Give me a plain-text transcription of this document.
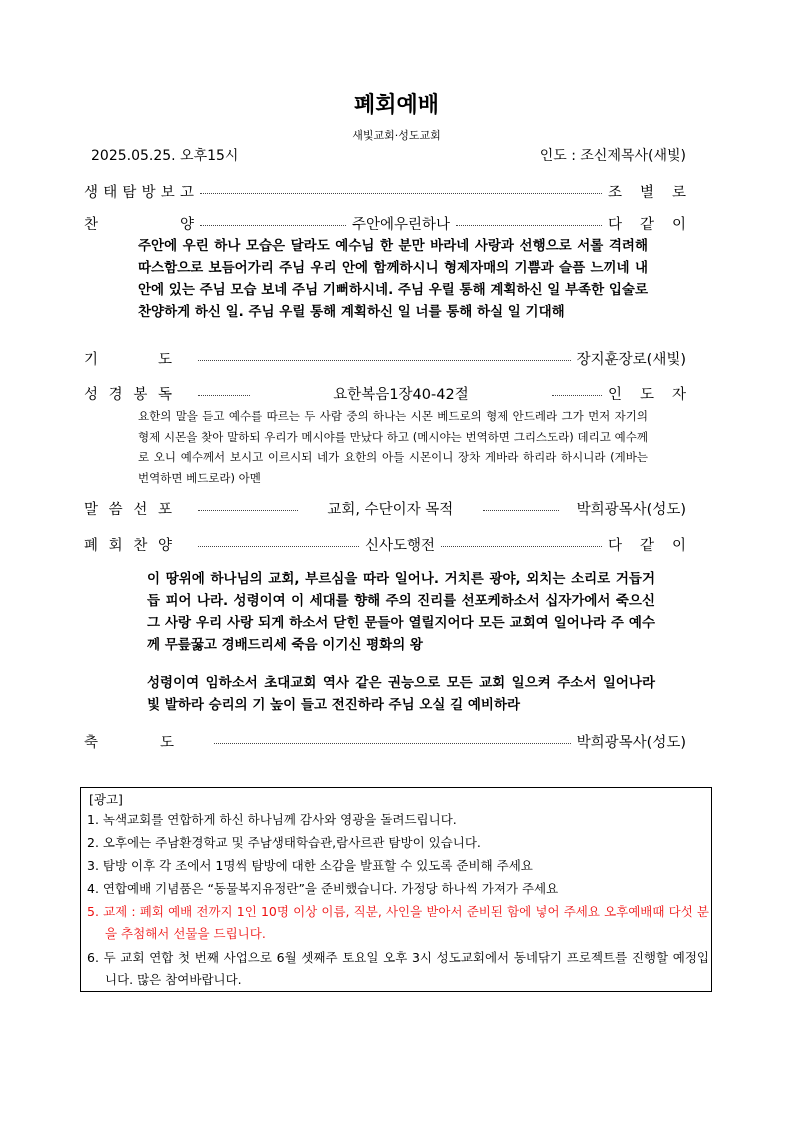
폐회예배
새빛교회·성도교회
2025.05.25. 오후15시	인도 : 조신제목사(새빛)
생 태 탐 방 보 고	조 별 로
찬	양	주안에우린하나	다 같 이
주안에 우린 하나 모습은 달라도 예수님 한 분만 바라네 사랑과 선행으로 서롤 격려해 따스함으로 보듬어가리 주님 우리 안에 함께하시니 형제자매의 기쁨과 슬픔 느끼네 내안에 있는 주님 모습 보네 주님 기뻐하시네. 주님 우릴 통해 계획하신 일 부족한 입술로 찬양하게 하신 일. 주님 우릴 통해 계획하신 일 너를 통해 하실 일 기대해
기	도	장지훈장로(새빛)
성 경 봉 독	요한복음1장40-42절	인 도 자
요한의 말을 듣고 예수를 따르는 두 사람 중의 하나는 시몬 베드로의 형제 안드레라 그가 먼저 자기의 형제 시몬을 찾아 말하되 우리가 메시야를 만났다 하고 (메시야는 번역하면 그리스도라) 데리고 예수께로 오니 예수께서 보시고 이르시되 네가 요한의 아들 시몬이니 장차 게바라 하리라 하시니라 (게바는 번역하면 베드로라) 아멘
말 씀 선 포	교회, 수단이자 목적	박희광목사(성도)
폐 회 찬 양	신사도행전	다 같 이
이 땅위에 하나님의 교회, 부르심을 따라 일어나. 거치른 광야, 외치는 소리로 거듭거듭 피어 나라. 성령이여 이 세대를 향해 주의 진리를 선포케하소서 십자가에서 죽으신 그 사랑 우리 사랑 되게 하소서 닫힌 문들아 열릴지어다 모든 교회여 일어나라 주 예수께 무릎꿇고 경배드리세 죽음 이기신 평화의 왕
성령이여 임하소서 초대교회 역사 같은 권능으로 모든 교회 일으켜 주소서 일어나라 빛 발하라 승리의 기 높이 들고 전진하라 주님 오실 길 예비하라
축	도	박희광목사(성도)
[광고]
1. 녹색교회를 연합하게 하신 하나님께 감사와 영광을 돌려드립니다.
2. 오후에는 주남환경학교 및 주남생태학습관,람사르관 탐방이 있습니다.
3. 탐방 이후 각 조에서 1명씩 탐방에 대한 소감을 발표할 수 있도록 준비해 주세요
4. 연합예배 기념품은 “동물복지유정란”을 준비했습니다. 가정당 하나씩 가져가 주세요
5. 교제 : 폐회 예배 전까지 1인 10명 이상 이름, 직분, 사인을 받아서 준비된 함에 넣어 주세요 오후예배때 다섯 분을 추첨해서 선물을 드립니다.
6. 두 교회 연합 첫 번째 사업으로 6월 셋째주 토요일 오후 3시 성도교회에서 동네닦기 프로젝트를 진행할 예정입니다. 많은 참여바랍니다.
